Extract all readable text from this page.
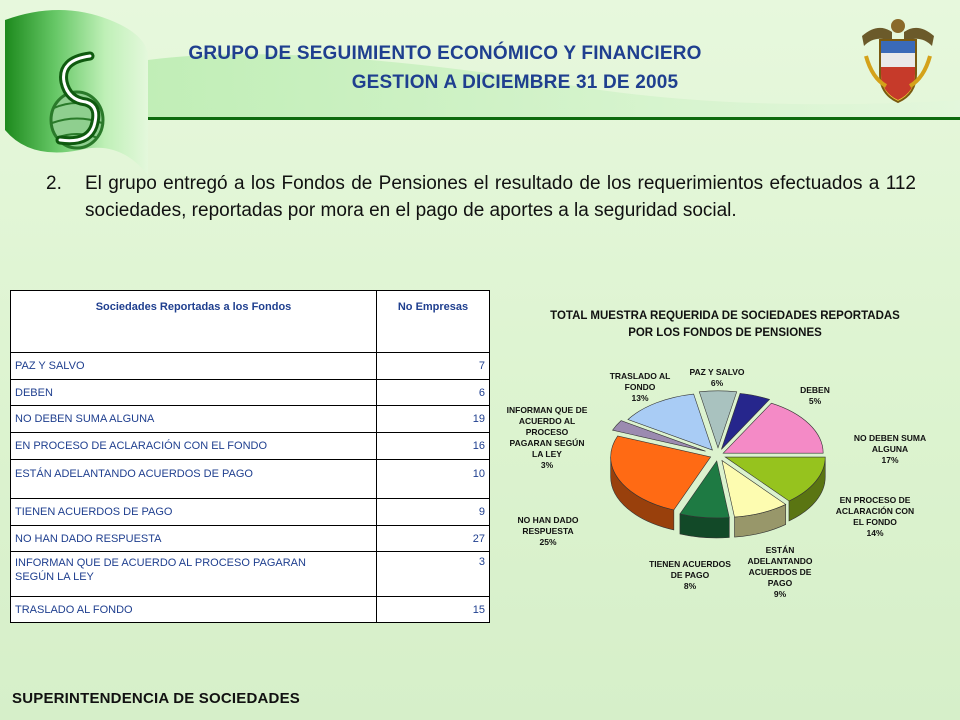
GRUPO DE SEGUIMIENTO ECONÓMICO Y FINANCIERO
GESTION A DICIEMBRE 31 DE 2005
2. El grupo entregó a los Fondos de Pensiones el resultado de los requerimientos efectuados a 112 sociedades, reportadas por mora en el pago de aportes a la seguridad social.
Sociedades Reportadas a los Fondos	No Empresas
PAZ Y SALVO	7
DEBEN	6
NO DEBEN SUMA ALGUNA	19
EN PROCESO DE ACLARACIÓN CON EL FONDO	16
ESTÁN ADELANTANDO ACUERDOS DE PAGO	10
TIENEN ACUERDOS DE PAGO	9
NO HAN DADO RESPUESTA	27
INFORMAN QUE DE ACUERDO AL PROCESO PAGARAN SEGÚN LA LEY	3
TRASLADO AL FONDO	15
TOTAL MUESTRA REQUERIDA DE SOCIEDADES REPORTADAS
POR LOS FONDOS DE PENSIONES
PAZ Y SALVO 6%
DEBEN 5%
NO DEBEN SUMA ALGUNA 17%
EN PROCESO DE ACLARACIÓN CON EL FONDO 14%
ESTÁN ADELANTANDO ACUERDOS DE PAGO 9%
TIENEN ACUERDOS DE PAGO 8%
NO HAN DADO RESPUESTA 25%
INFORMAN QUE DE ACUERDO AL PROCESO PAGARAN SEGÚN LA LEY 3%
TRASLADO AL FONDO 13%
SUPERINTENDENCIA DE SOCIEDADES
